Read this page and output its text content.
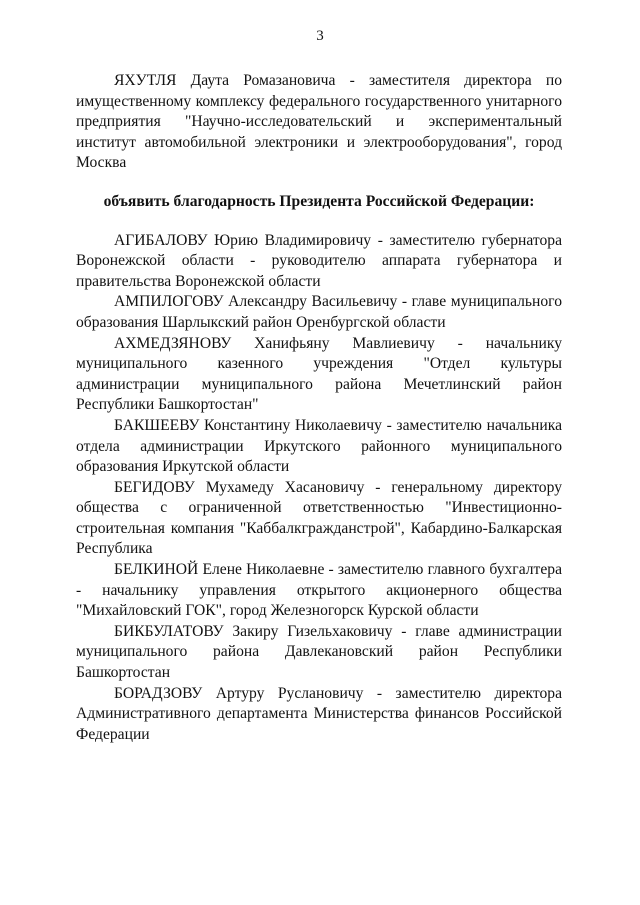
3

ЯХУТЛЯ Даута Ромазановича - заместителя директора по имущественному комплексу федерального государственного унитарного предприятия "Научно-исследовательский и экспериментальный институт автомобильной электроники и электрооборудования", город Москва

объявить благодарность Президента Российской Федерации:

АГИБАЛОВУ Юрию Владимировичу - заместителю губернатора Воронежской области - руководителю аппарата губернатора и правительства Воронежской области

АМПИЛОГОВУ Александру Васильевичу - главе муниципального образования Шарлыкский район Оренбургской области

АХМЕДЗЯНОВУ Ханифьяну Мавлиевичу - начальнику муниципального казенного учреждения "Отдел культуры администрации муниципального района Мечетлинский район Республики Башкортостан"

БАКШЕЕВУ Константину Николаевичу - заместителю начальника отдела администрации Иркутского районного муниципального образования Иркутской области

БЕГИДОВУ Мухамеду Хасановичу - генеральному директору общества с ограниченной ответственностью "Инвестиционно-строительная компания "Каббалкгражданстрой", Кабардино-Балкарская Республика

БЕЛКИНОЙ Елене Николаевне - заместителю главного бухгалтера - начальнику управления открытого акционерного общества "Михайловский ГОК", город Железногорск Курской области

БИКБУЛАТОВУ Закиру Гизельхаковичу - главе администрации муниципального района Давлекановский район Республики Башкортостан

БОРАДЗОВУ Артуру Руслановичу - заместителю директора Административного департамента Министерства финансов Российской Федерации
